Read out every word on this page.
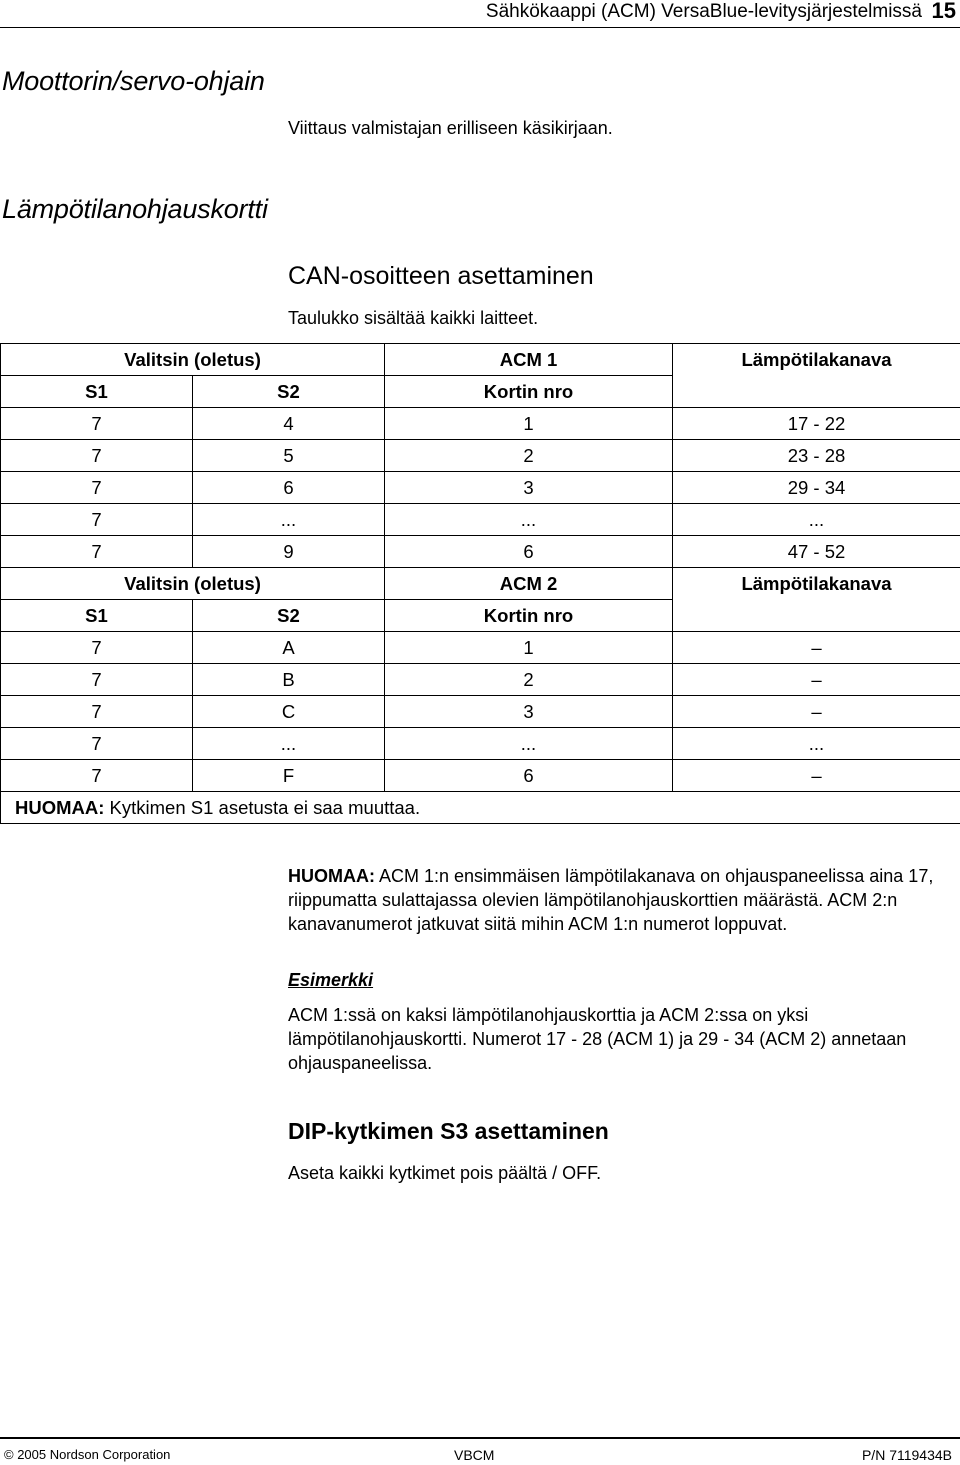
Sähkökaappi (ACM) VersaBlue-levitysjärjestelmissä 15
Moottorin/servo-ohjain

Viittaus valmistajan erilliseen käsikirjaan.

Lämpötilanohjauskortti
CAN-osoitteen asettaminen

Taulukko sisältää kaikki laitteet.

Valitsin (oletus)		ACM 1	Lämpötilakanava
S1	S2	Kortin nro	
7	4	1	17 - 22
7	5	2	23 - 28
7	6	3	29 - 34
7	...	...	...
7	9	6	47 - 52
Valitsin (oletus)		ACM 2	Lämpötilakanava
S1	S2	Kortin nro	
7	A	1	–
7	B	2	–
7	C	3	–
7	...	...	...
7	F	6	–
HUOMAA: Kytkimen S1 asetusta ei saa muuttaa.			

HUOMAA: ACM 1:n ensimmäisen lämpötilakanava on ohjauspaneelissa aina 17, riippumatta sulattajassa olevien lämpötilanohjauskorttien määrästä. ACM 2:n kanavanumerot jatkuvat siitä mihin ACM 1:n numerot loppuvat.

Esimerkki

ACM 1:ssä on kaksi lämpötilanohjauskorttia ja ACM 2:ssa on yksi lämpötilanohjauskortti. Numerot 17 - 28 (ACM 1) ja 29 - 34 (ACM 2) annetaan ohjauspaneelissa.

DIP-kytkimen S3 asettaminen

Aseta kaikki kytkimet pois päältä / OFF.

© 2005 Nordson Corporation	VBCM	P/N 7119434B
